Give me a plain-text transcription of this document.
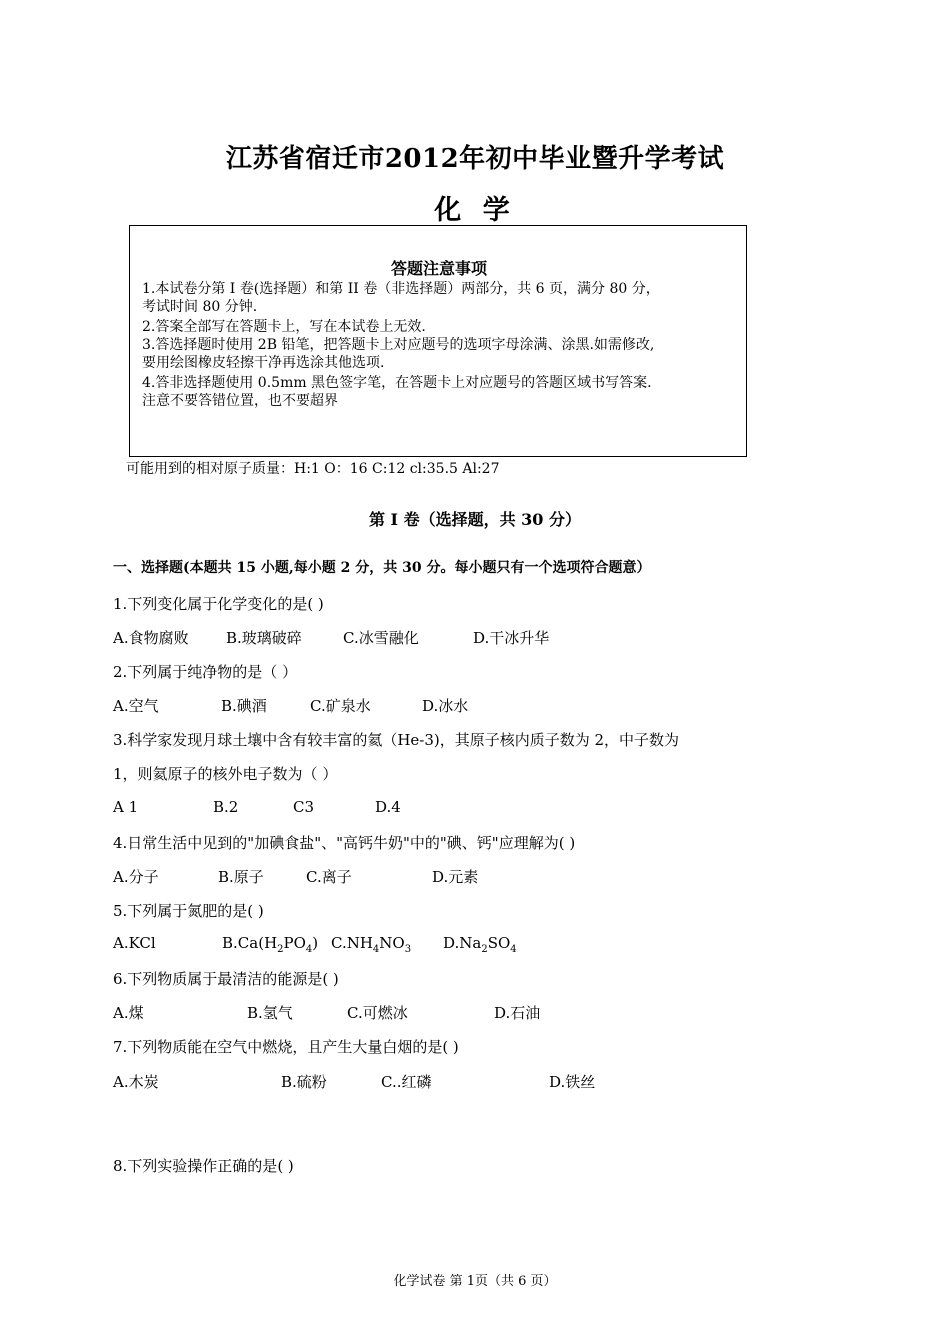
江苏省宿迁市2012年初中毕业暨升学考试
化 学
答题注意事项
1.本试卷分第 I 卷(选择题）和第 II 卷（非选择题）两部分，共 6 页，满分 80 分，
考试时间 80 分钟.
2.答案全部写在答题卡上，写在本试卷上无效.
3.答选择题时使用 2B 铅笔，把答题卡上对应题号的选项字母涂满、涂黑.如需修改,
要用绘图橡皮轻擦干净再选涂其他选项.
4.答非选择题使用 0.5mm 黑色签字笔，在答题卡上对应题号的答题区域书写答案.
注意不要答错位置，也不要超界
可能用到的相对原子质量：H:1 O：16 C:12 cl:35.5 Al:27
第 I 卷（选择题，共 30 分）
一、选择题(本题共 15 小题,每小题 2 分，共 30 分。每小题只有一个选项符合题意）
1.下列变化属于化学变化的是( )
A.食物腐败 B.玻璃破碎	C.冰雪融化	D.干冰升华
2.下列属于纯净物的是（ ）
A.空气	B.碘酒	C.矿泉水	D.冰水
3.科学家发现月球土壤中含有较丰富的氦（He-3)，其原子核内质子数为 2，中子数为
1，则氦原子的核外电子数为（ ）
A 1	B.2	C3	D.4
4.日常生活中见到的"加碘食盐"、"高钙牛奶"中的"碘、钙"应理解为( )
A.分子	B.原子	C.离子	D.元素
5.下列属于氮肥的是( )
A.KCl	$B.Ca(H_2PO_4)$ $C.NH_4NO_3$ $D.Na_2SO_4$
6.下列物质属于最清洁的能源是( )
A.煤	B.氢气	C.可燃冰	D.石油
7.下列物质能在空气中燃烧，且产生大量白烟的是( )
A.木炭	B.硫粉	C..红磷	D.铁丝
8.下列实验操作正确的是( )
化学试卷 第 1页（共 6 页）
